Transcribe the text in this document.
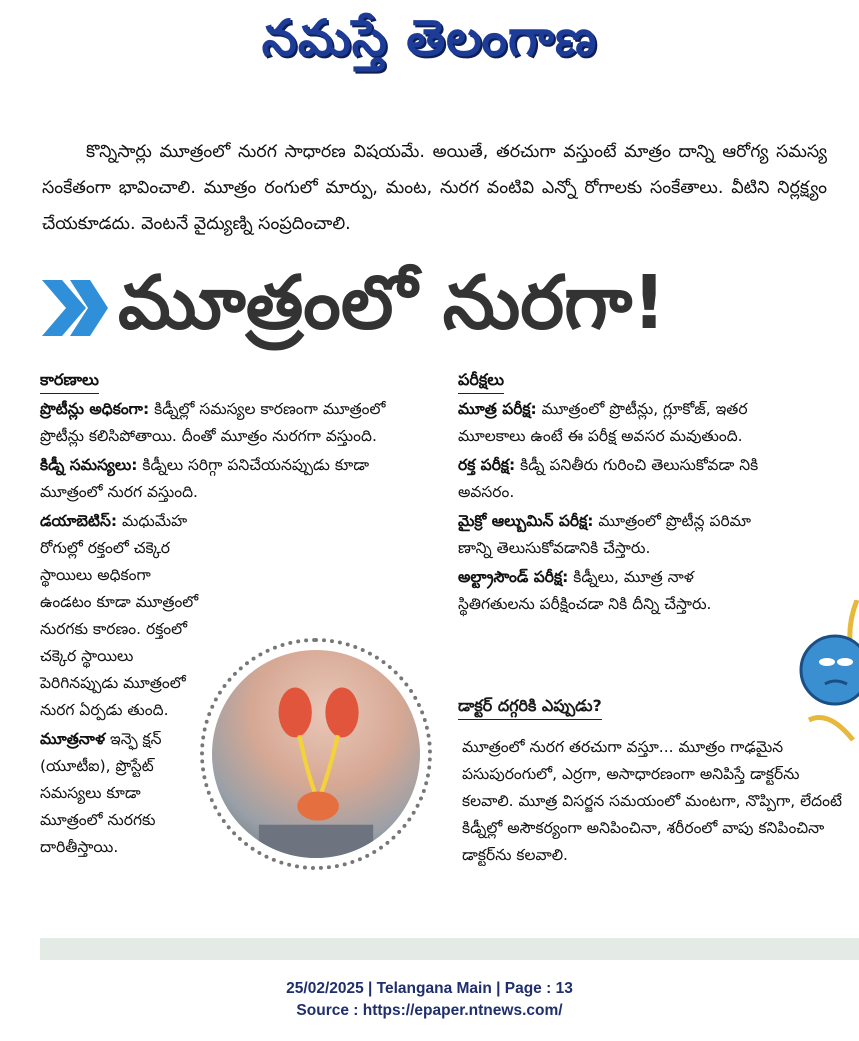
నమస్తే తెలంగాణ

కొన్నిసార్లు మూత్రంలో నురగ సాధారణ విషయమే. అయితే, తరచుగా వస్తుంటే మాత్రం దాన్ని ఆరోగ్య సమస్య సంకేతంగా భావించాలి. మూత్రం రంగులో మార్పు, మంట, నురగ వంటివి ఎన్నో రోగాలకు సంకేతాలు. వీటిని నిర్లక్ష్యం చేయకూడదు. వెంటనే వైద్యుణ్ని సంప్రదించాలి.

మూత్రంలో నురగా!
కారణాలు
ప్రొటీన్లు అధికంగా: కిడ్నీల్లో సమస్యల కారణంగా మూత్రంలో ప్రొటీన్లు కలిసిపోతాయి. దీంతో మూత్రం నురగగా వస్తుంది.
కిడ్నీ సమస్యలు: కిడ్నీలు సరిగ్గా పనిచేయనప్పుడు కూడా మూత్రంలో నురగ వస్తుంది.
డయాబెటిస్: మధుమేహ రోగుల్లో రక్తంలో చక్కెర స్థాయిలు అధికంగా ఉండటం కూడా మూత్రంలో నురగకు కారణం. రక్తంలో చక్కెర స్థాయిలు పెరిగినప్పుడు మూత్రంలో నురగ ఏర్పడు తుంది.
మూత్రనాళ ఇన్ఫె క్షన్ (యూటీఐ), ప్రొస్టేట్ సమస్యలు కూడా మూత్రంలో నురగకు దారితీస్తాయి.
పరీక్షలు
మూత్ర పరీక్ష: మూత్రంలో ప్రొటీన్లు, గ్లూకోజ్, ఇతర మూలకాలు ఉంటే ఈ పరీక్ష అవసర మవుతుంది.
రక్త పరీక్ష: కిడ్నీ పనితీరు గురించి తెలుసుకోవడా నికి అవసరం.
మైక్రో ఆల్బుమిన్ పరీక్ష: మూత్రంలో ప్రొటీన్ల పరిమా ణాన్ని తెలుసుకోవడానికి చేస్తారు.
అల్ట్రాసౌండ్ పరీక్ష: కిడ్నీలు, మూత్ర నాళ స్థితిగతులను పరీక్షించడా నికి దీన్ని చేస్తారు.
డాక్టర్ దగ్గరికి ఎప్పుడు?

మూత్రంలో నురగ తరచుగా వస్తూ... మూత్రం గాఢమైన పసుపురంగులో, ఎర్రగా, అసాధారణంగా అనిపిస్తే డాక్టర్‌ను కలవాలి. మూత్ర విసర్జన సమయంలో మంటగా, నొప్పిగా, లేదంటే కిడ్నీల్లో అసౌకర్యంగా అనిపించినా, శరీరంలో వాపు కనిపించినా డాక్టర్‌ను కలవాలి.

25/02/2025 | Telangana Main | Page : 13
Source : https://epaper.ntnews.com/
